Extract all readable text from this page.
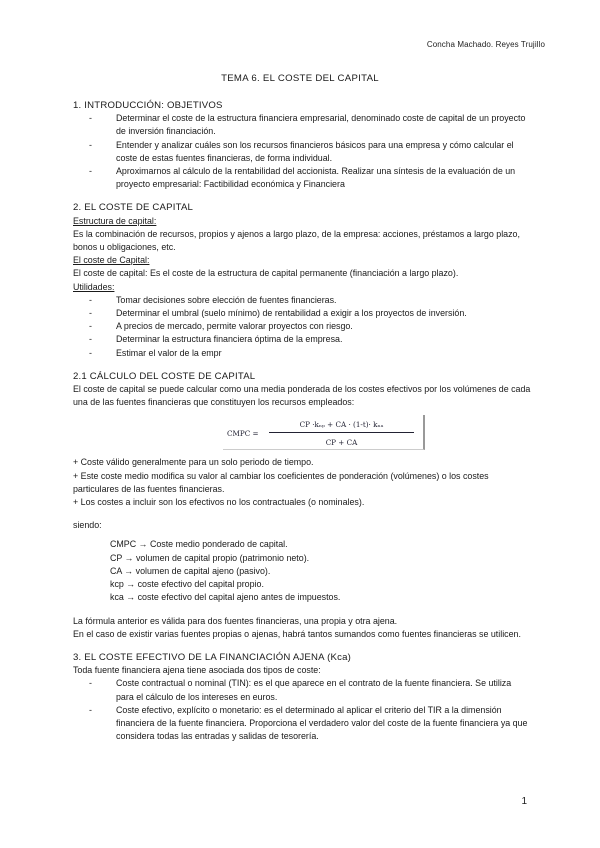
Concha Machado. Reyes Trujillo
TEMA 6. EL COSTE DEL CAPITAL

1. INTRODUCCIÓN: OBJETIVOS

- Determinar el coste de la estructura financiera empresarial, denominado coste de capital de un proyecto de inversión financiación.
- Entender y analizar cuáles son los recursos financieros básicos para una empresa y cómo calcular el coste de estas fuentes financieras, de forma individual.
- Aproximarnos al cálculo de la rentabilidad del accionista. Realizar una síntesis de la evaluación de un proyecto empresarial: Factibilidad económica y Financiera

2. EL COSTE DE CAPITAL

Estructura de capital:

Es la combinación de recursos, propios y ajenos a largo plazo, de la empresa: acciones, préstamos a largo plazo, bonos u obligaciones, etc.

El coste de Capital:

El coste de capital: Es el coste de la estructura de capital permanente (financiación a largo plazo).

Utilidades:

- Tomar decisiones sobre elección de fuentes financieras.
- Determinar el umbral (suelo mínimo) de rentabilidad a exigir a los proyectos de inversión.
- A precios de mercado, permite valorar proyectos con riesgo.
- Determinar la estructura financiera óptima de la empresa.
- Estimar el valor de la empr

2.1 CÁLCULO DEL COSTE DE CAPITAL

El coste de capital se puede calcular como una media ponderada de los costes efectivos por los volúmenes de cada una de las fuentes financieras que constituyen los recursos empleados:

CMPC =
CP ·kₙₚ + CA · (1-t)· kₙₐ
CP + CA

+ Coste válido generalmente para un solo periodo de tiempo.

+ Este coste medio modifica su valor al cambiar los coeficientes de ponderación (volúmenes) o los costes particulares de las fuentes financieras.

+ Los costes a incluir son los efectivos no los contractuales (o nominales).

siendo:

CMPC → Coste medio ponderado de capital.

CP → volumen de capital propio (patrimonio neto).

CA → volumen de capital ajeno (pasivo).

kcp → coste efectivo del capital propio.

kca → coste efectivo del capital ajeno antes de impuestos.

La fórmula anterior es válida para dos fuentes financieras, una propia y otra ajena.

En el caso de existir varias fuentes propias o ajenas, habrá tantos sumandos como fuentes financieras se utilicen.

3. EL COSTE EFECTIVO DE LA FINANCIACIÓN AJENA (Kca)

Toda fuente financiera ajena tiene asociada dos tipos de coste:

- Coste contractual o nominal (TIN): es el que aparece en el contrato de la fuente financiera. Se utiliza para el cálculo de los intereses en euros.
- Coste efectivo, explícito o monetario: es el determinado al aplicar el criterio del TIR a la dimensión financiera de la fuente financiera. Proporciona el verdadero valor del coste de la fuente financiera ya que considera todas las entradas y salidas de tesorería.
1
